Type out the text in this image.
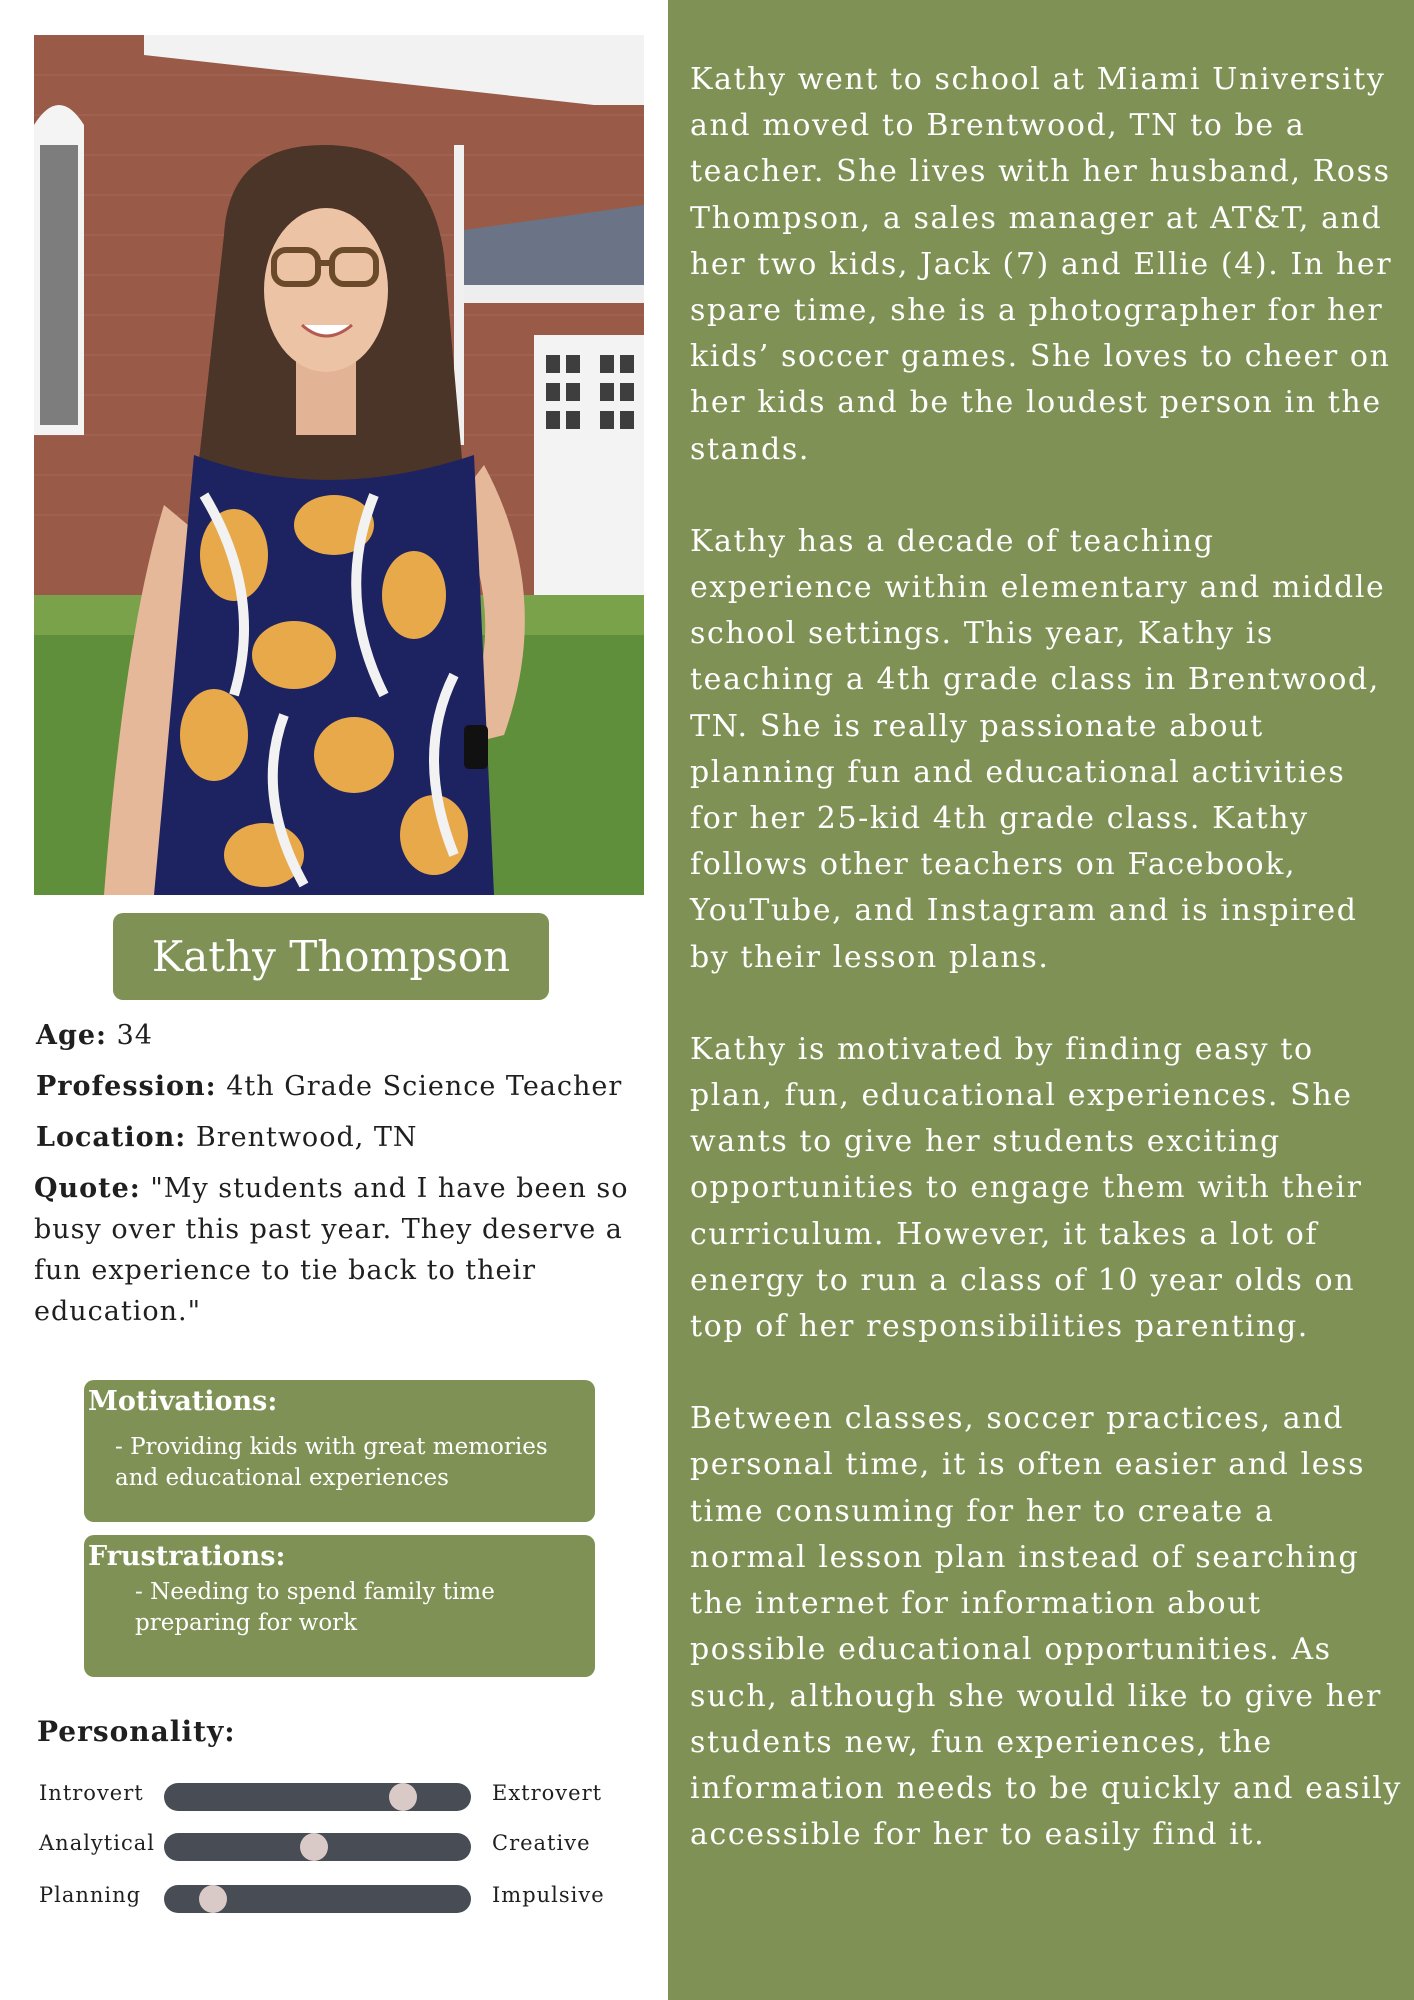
Kathy went to school at Miami University and moved to Brentwood, TN to be a teacher. She lives with her husband, Ross Thompson, a sales manager at AT&T, and her two kids, Jack (7) and Ellie (4). In her spare time, she is a photographer for her kids’ soccer games. She loves to cheer on her kids and be the loudest person in the stands.

Kathy has a decade of teaching experience within elementary and middle school settings. This year, Kathy is teaching a 4th grade class in Brentwood, TN. She is really passionate about planning fun and educational activities for her 25-kid 4th grade class. Kathy follows other teachers on Facebook, YouTube, and Instagram and is inspired by their lesson plans.

Kathy is motivated by finding easy to plan, fun, educational experiences. She wants to give her students exciting opportunities to engage them with their curriculum. However, it takes a lot of energy to run a class of 10 year olds on top of her responsibilities parenting.

Between classes, soccer practices, and personal time, it is often easier and less time consuming for her to create a normal lesson plan instead of searching the internet for information about possible educational opportunities. As such, although she would like to give her students new, fun experiences, the information needs to be quickly and easily accessible for her to easily find it.

Kathy Thompson

Age: 34

Profession: 4th Grade Science Teacher

Location: Brentwood, TN

Quote: "My students and I have been so busy over this past year. They deserve a fun experience to tie back to their education."
Motivations:
- Providing kids with great memories and educational experiences
Frustrations:
- Needing to spend family time preparing for work
Personality:
Introvert	Extrovert
Analytical	Creative
Planning	Impulsive
